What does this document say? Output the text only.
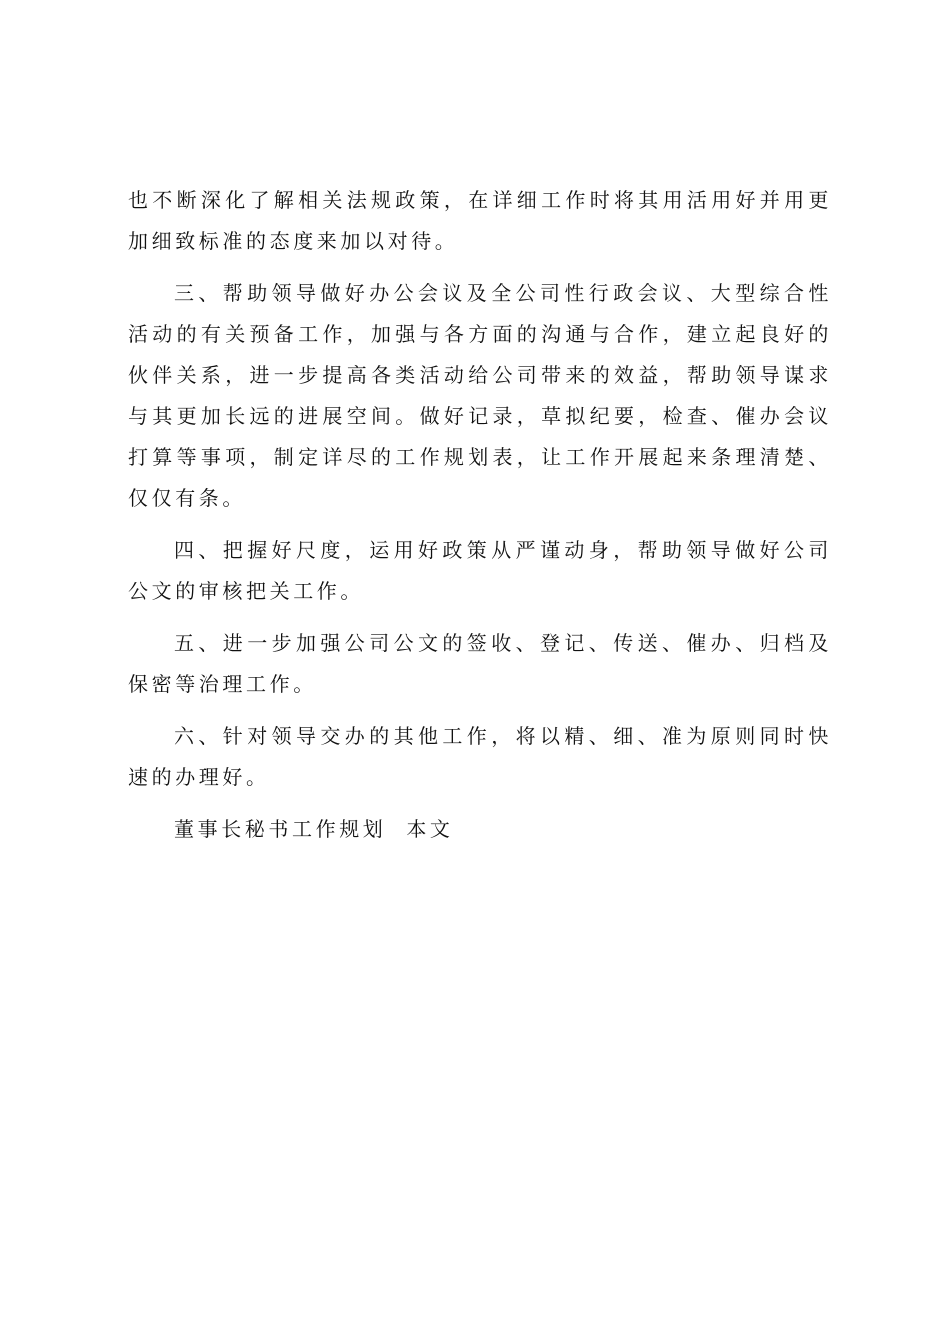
也不断深化了解相关法规政策，在详细工作时将其用活用好并用更加细致标准的态度来加以对待。

三、帮助领导做好办公会议及全公司性行政会议、大型综合性活动的有关预备工作，加强与各方面的沟通与合作，建立起良好的伙伴关系，进一步提高各类活动给公司带来的效益，帮助领导谋求与其更加长远的进展空间。做好记录，草拟纪要，检查、催办会议打算等事项，制定详尽的工作规划表，让工作开展起来条理清楚、仅仅有条。

四、把握好尺度，运用好政策从严谨动身，帮助领导做好公司公文的审核把关工作。

五、进一步加强公司公文的签收、登记、传送、催办、归档及保密等治理工作。

六、针对领导交办的其他工作，将以精、细、准为原则同时快速的办理好。

董事长秘书工作规划  本文
